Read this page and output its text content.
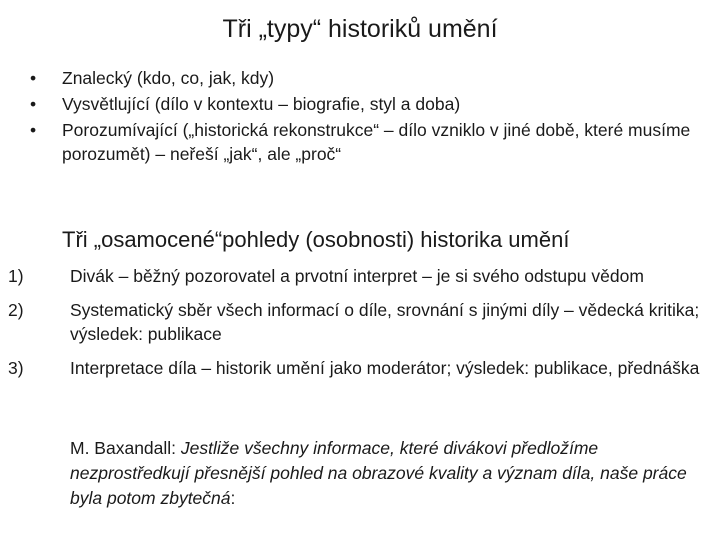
Tři „typy“ historiků umění
• Znalecký (kdo, co, jak, kdy)
• Vysvětlující (dílo v kontextu – biografie, styl a doba)
• Porozumívající („historická rekonstrukce“ – dílo vzniklo v jiné době, které musíme porozumět) – neřeší „jak“, ale „proč“
Tři „osamocené“pohledy (osobnosti) historika umění
1)	Divák – běžný pozorovatel a prvotní interpret – je si svého odstupu vědom
2)	Systematický sběr všech informací o díle, srovnání s jinými díly – vědecká kritika; výsledek: publikace
3)	Interpretace díla – historik umění jako moderátor; výsledek: publikace, přednáška
M. Baxandall: Jestliže všechny informace, které divákovi předložíme nezprostředkují přesnější pohled na obrazové kvality a význam díla, naše práce byla potom zbytečná:
